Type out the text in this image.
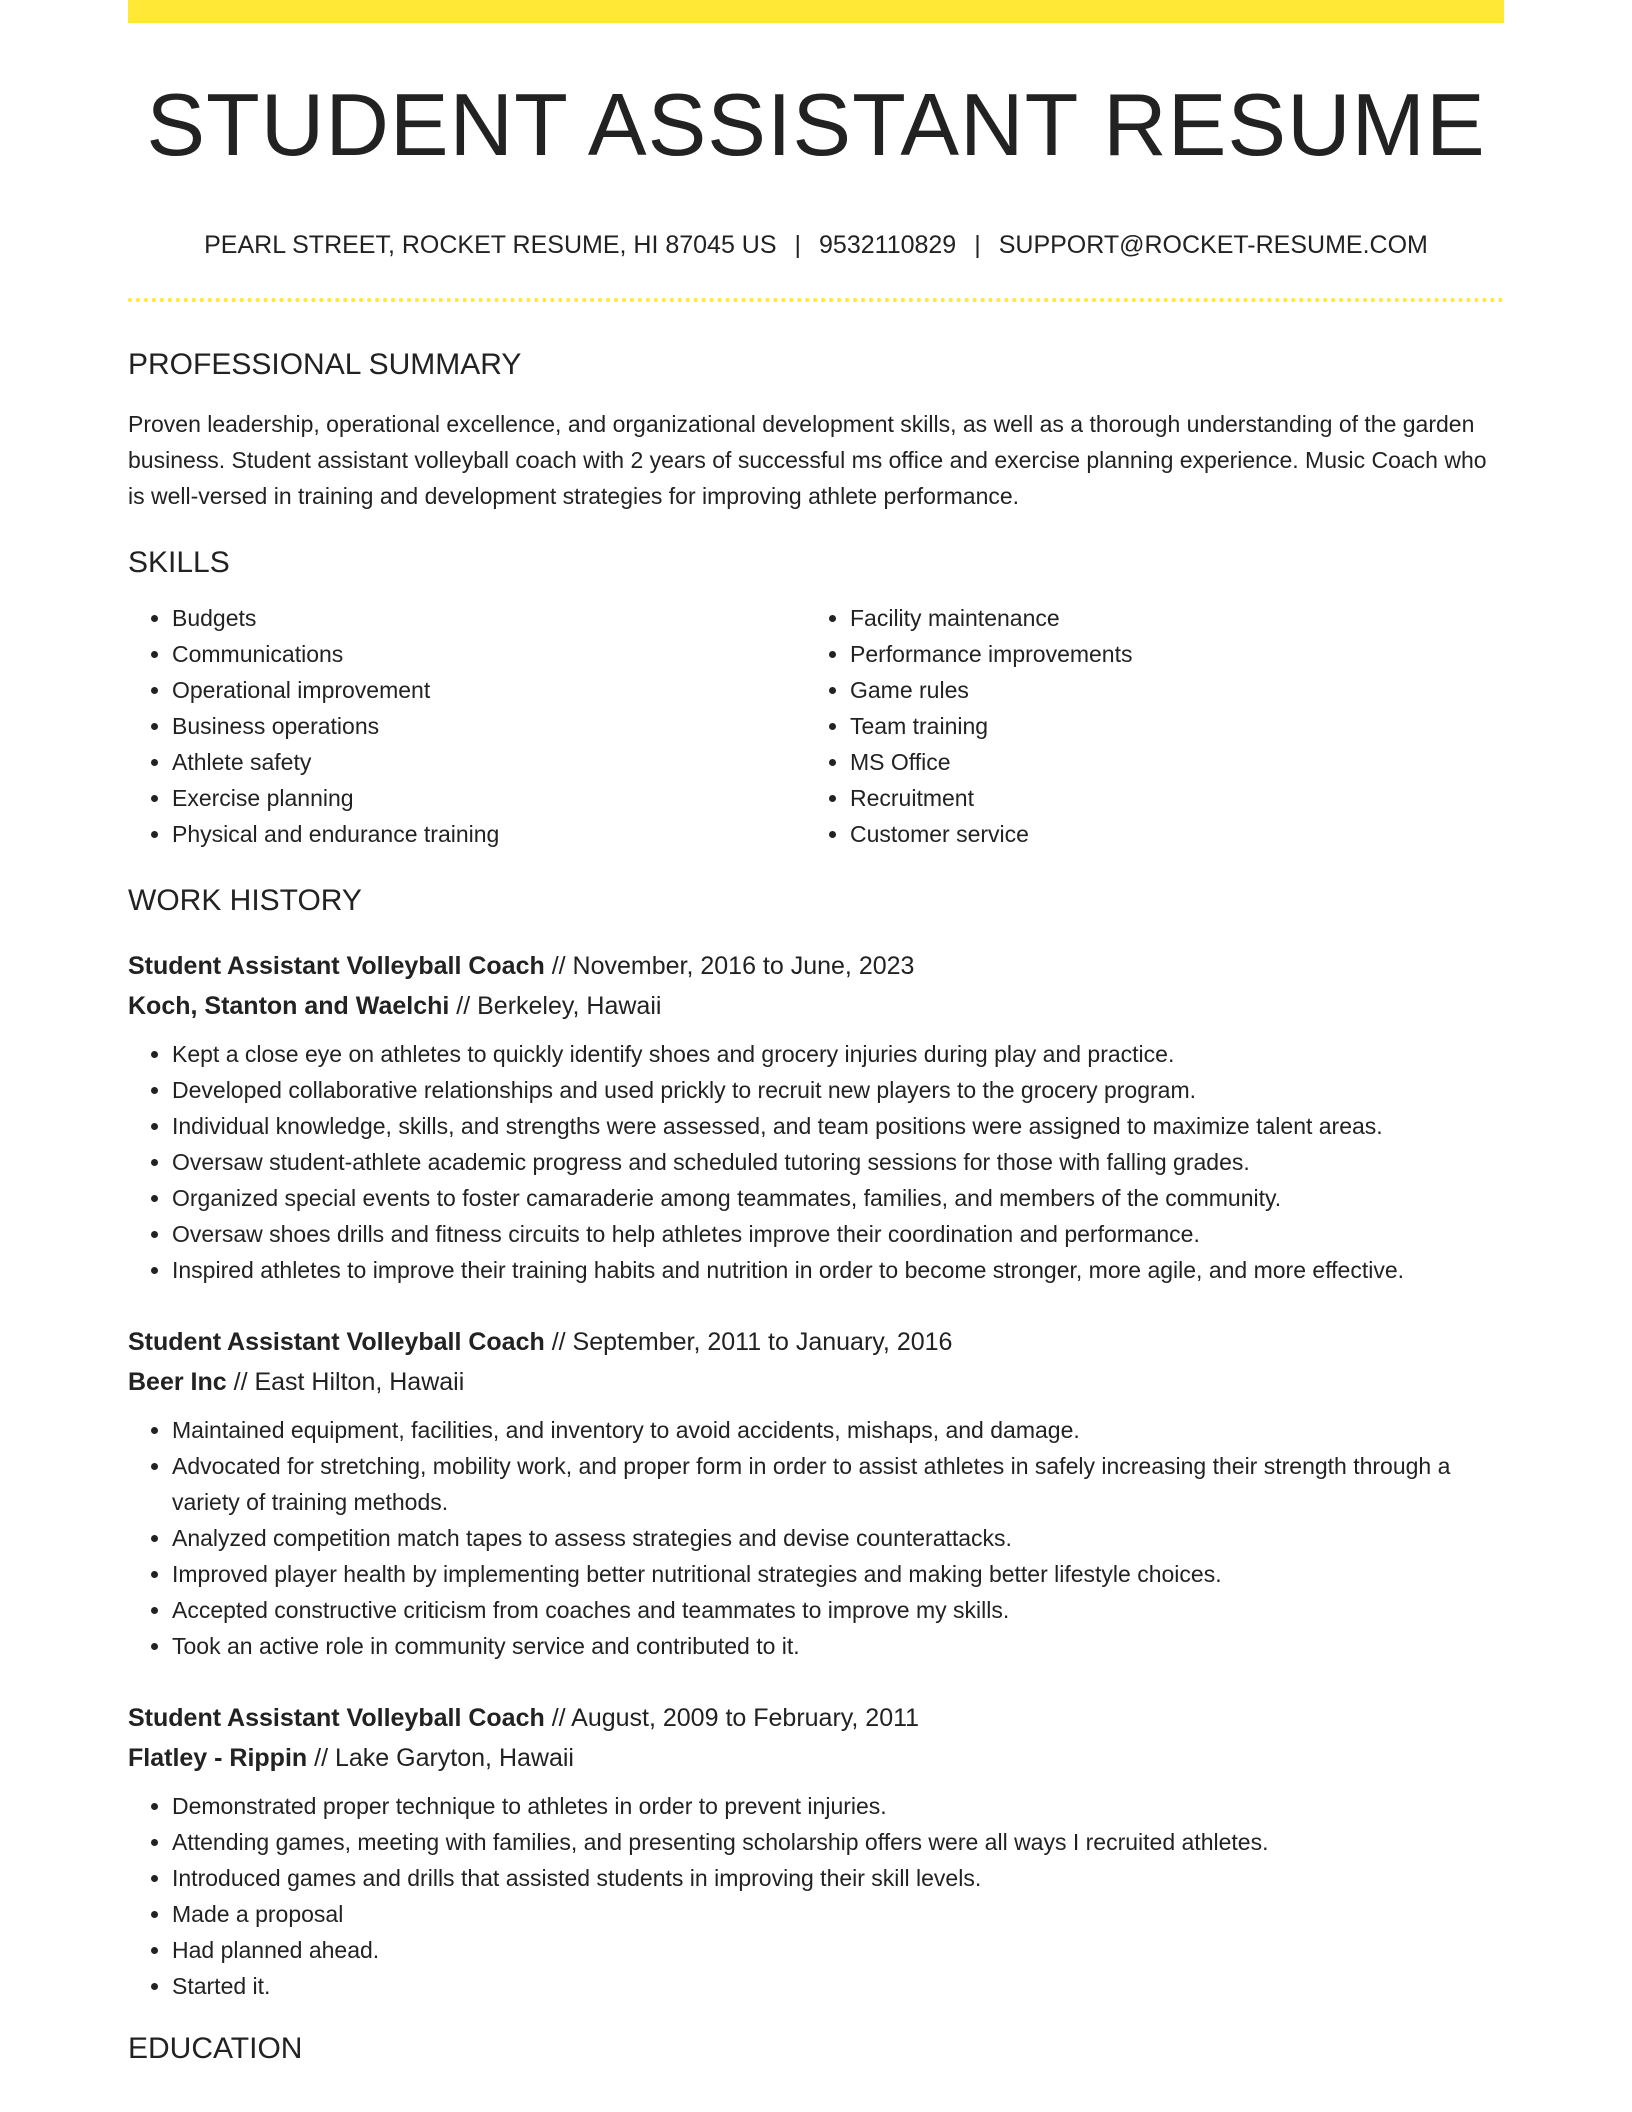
STUDENT ASSISTANT RESUME
PEARL STREET, ROCKET RESUME, HI 87045 US | 9532110829 | SUPPORT@ROCKET-RESUME.COM
PROFESSIONAL SUMMARY
Proven leadership, operational excellence, and organizational development skills, as well as a thorough understanding of the garden business. Student assistant volleyball coach with 2 years of successful ms office and exercise planning experience. Music Coach who is well-versed in training and development strategies for improving athlete performance.
SKILLS
• Budgets
• Communications
• Operational improvement
• Business operations
• Athlete safety
• Exercise planning
• Physical and endurance training
• Facility maintenance
• Performance improvements
• Game rules
• Team training
• MS Office
• Recruitment
• Customer service
WORK HISTORY
Student Assistant Volleyball Coach // November, 2016 to June, 2023
Koch, Stanton and Waelchi // Berkeley, Hawaii
• Kept a close eye on athletes to quickly identify shoes and grocery injuries during play and practice.
• Developed collaborative relationships and used prickly to recruit new players to the grocery program.
• Individual knowledge, skills, and strengths were assessed, and team positions were assigned to maximize talent areas.
• Oversaw student-athlete academic progress and scheduled tutoring sessions for those with falling grades.
• Organized special events to foster camaraderie among teammates, families, and members of the community.
• Oversaw shoes drills and fitness circuits to help athletes improve their coordination and performance.
• Inspired athletes to improve their training habits and nutrition in order to become stronger, more agile, and more effective.
Student Assistant Volleyball Coach // September, 2011 to January, 2016
Beer Inc // East Hilton, Hawaii
• Maintained equipment, facilities, and inventory to avoid accidents, mishaps, and damage.
• Advocated for stretching, mobility work, and proper form in order to assist athletes in safely increasing their strength through a variety of training methods.
• Analyzed competition match tapes to assess strategies and devise counterattacks.
• Improved player health by implementing better nutritional strategies and making better lifestyle choices.
• Accepted constructive criticism from coaches and teammates to improve my skills.
• Took an active role in community service and contributed to it.
Student Assistant Volleyball Coach // August, 2009 to February, 2011
Flatley - Rippin // Lake Garyton, Hawaii
• Demonstrated proper technique to athletes in order to prevent injuries.
• Attending games, meeting with families, and presenting scholarship offers were all ways I recruited athletes.
• Introduced games and drills that assisted students in improving their skill levels.
• Made a proposal
• Had planned ahead.
• Started it.
EDUCATION
